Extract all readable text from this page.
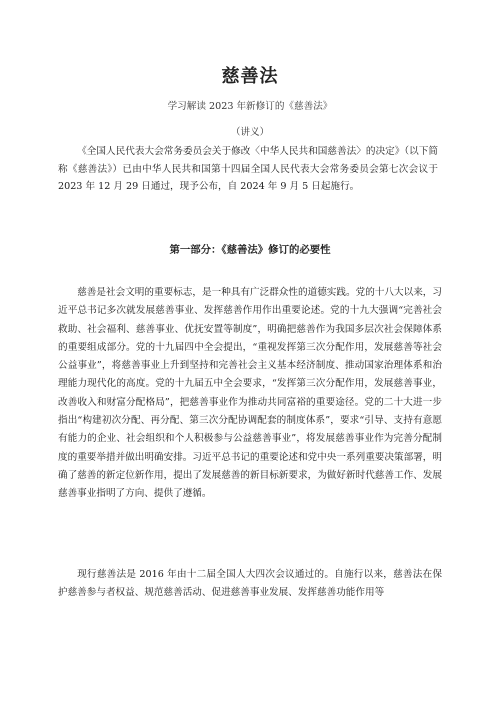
慈善法
学习解读 2023 年新修订的《慈善法》
（讲义）

《全国人民代表大会常务委员会关于修改〈中华人民共和国慈善法〉的决定》（以下简称《慈善法》）已由中华人民共和国第十四届全国人民代表大会常务委员会第七次会议于 2023 年 12 月 29 日通过，现予公布，自 2024 年 9 月 5 日起施行。

第一部分：《慈善法》修订的必要性

慈善是社会文明的重要标志，是一种具有广泛群众性的道德实践。党的十八大以来，习近平总书记多次就发展慈善事业、发挥慈善作用作出重要论述。党的十九大强调“完善社会救助、社会福利、慈善事业、优抚安置等制度”，明确把慈善作为我国多层次社会保障体系的重要组成部分。党的十九届四中全会提出，“重视发挥第三次分配作用，发展慈善等社会公益事业”，将慈善事业上升到坚持和完善社会主义基本经济制度、推动国家治理体系和治理能力现代化的高度。党的十九届五中全会要求，“发挥第三次分配作用，发展慈善事业，改善收入和财富分配格局”，把慈善事业作为推动共同富裕的重要途径。党的二十大进一步指出“构建初次分配、再分配、第三次分配协调配套的制度体系”，要求“引导、支持有意愿有能力的企业、社会组织和个人积极参与公益慈善事业”，将发展慈善事业作为完善分配制度的重要举措并做出明确安排。习近平总书记的重要论述和党中央一系列重要决策部署，明确了慈善的新定位新作用，提出了发展慈善的新目标新要求，为做好新时代慈善工作、发展慈善事业指明了方向、提供了遵循。

现行慈善法是 2016 年由十二届全国人大四次会议通过的。自施行以来，慈善法在保护慈善参与者权益、规范慈善活动、促进慈善事业发展、发挥慈善功能作用等
